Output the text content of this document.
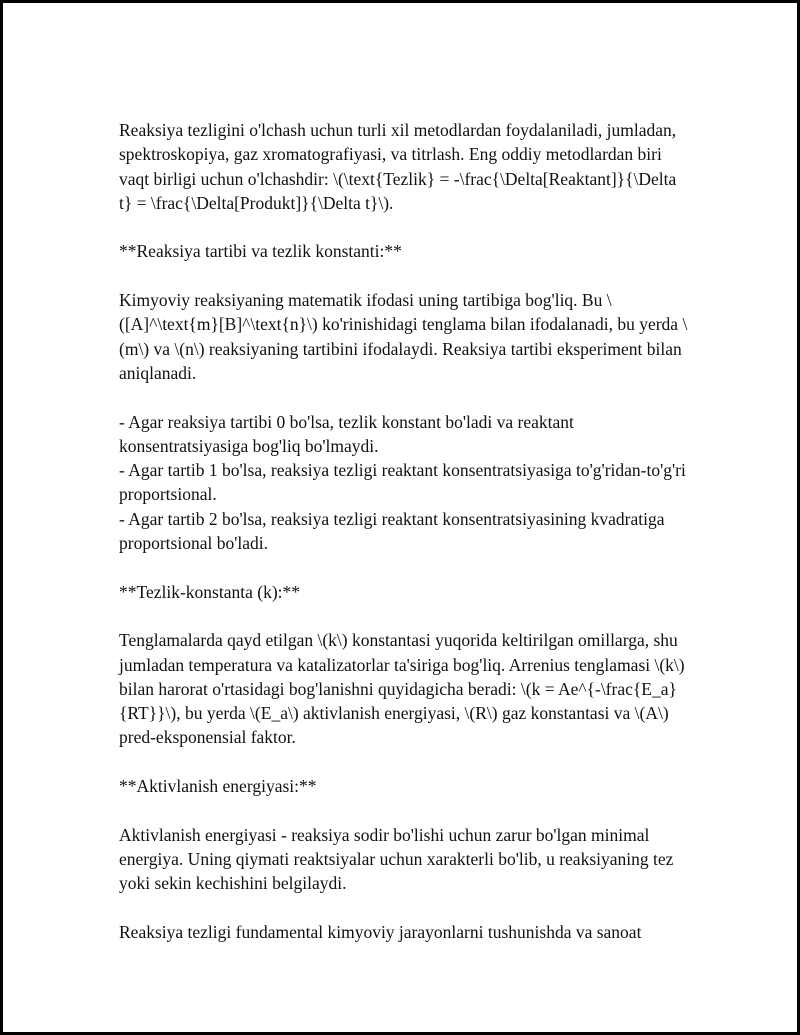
Reaksiya tezligini o'lchash uchun turli xil metodlardan foydalaniladi, jumladan, spektroskopiya, gaz xromatografiyasi, va titrlash. Eng oddiy metodlardan biri vaqt birligi uchun o'lchashdir: \(\text{Tezlik} = -\frac{\Delta[Reaktant]}{\Delta t} = \frac{\Delta[Produkt]}{\Delta t}\).

**Reaksiya tartibi va tezlik konstanti:**

Kimyoviy reaksiyaning matematik ifodasi uning tartibiga bog'liq. Bu \([A]^\text{m}[B]^\text{n}\) ko'rinishidagi tenglama bilan ifodalanadi, bu yerda \(m\) va \(n\) reaksiyaning tartibini ifodalaydi. Reaksiya tartibi eksperiment bilan aniqlanadi.

- Agar reaksiya tartibi 0 bo'lsa, tezlik konstant bo'ladi va reaktant konsentratsiyasiga bog'liq bo'lmaydi.

- Agar tartib 1 bo'lsa, reaksiya tezligi reaktant konsentratsiyasiga to'g'ridan-to'g'ri proportsional.

- Agar tartib 2 bo'lsa, reaksiya tezligi reaktant konsentratsiyasining kvadratiga proportsional bo'ladi.

**Tezlik-konstanta (k):**

Tenglamalarda qayd etilgan \(k\) konstantasi yuqorida keltirilgan omillarga, shu jumladan temperatura va katalizatorlar ta'siriga bog'liq. Arrenius tenglamasi \(k\) bilan harorat o'rtasidagi bog'lanishni quyidagicha beradi: \(k = Ae^{-\frac{E_a}{RT}}\), bu yerda \(E_a\) aktivlanish energiyasi, \(R\) gaz konstantasi va \(A\) pred-eksponensial faktor.

**Aktivlanish energiyasi:**

Aktivlanish energiyasi - reaksiya sodir bo'lishi uchun zarur bo'lgan minimal energiya. Uning qiymati reaktsiyalar uchun xarakterli bo'lib, u reaksiyaning tez yoki sekin kechishini belgilaydi.

Reaksiya tezligi fundamental kimyoviy jarayonlarni tushunishda va sanoat
